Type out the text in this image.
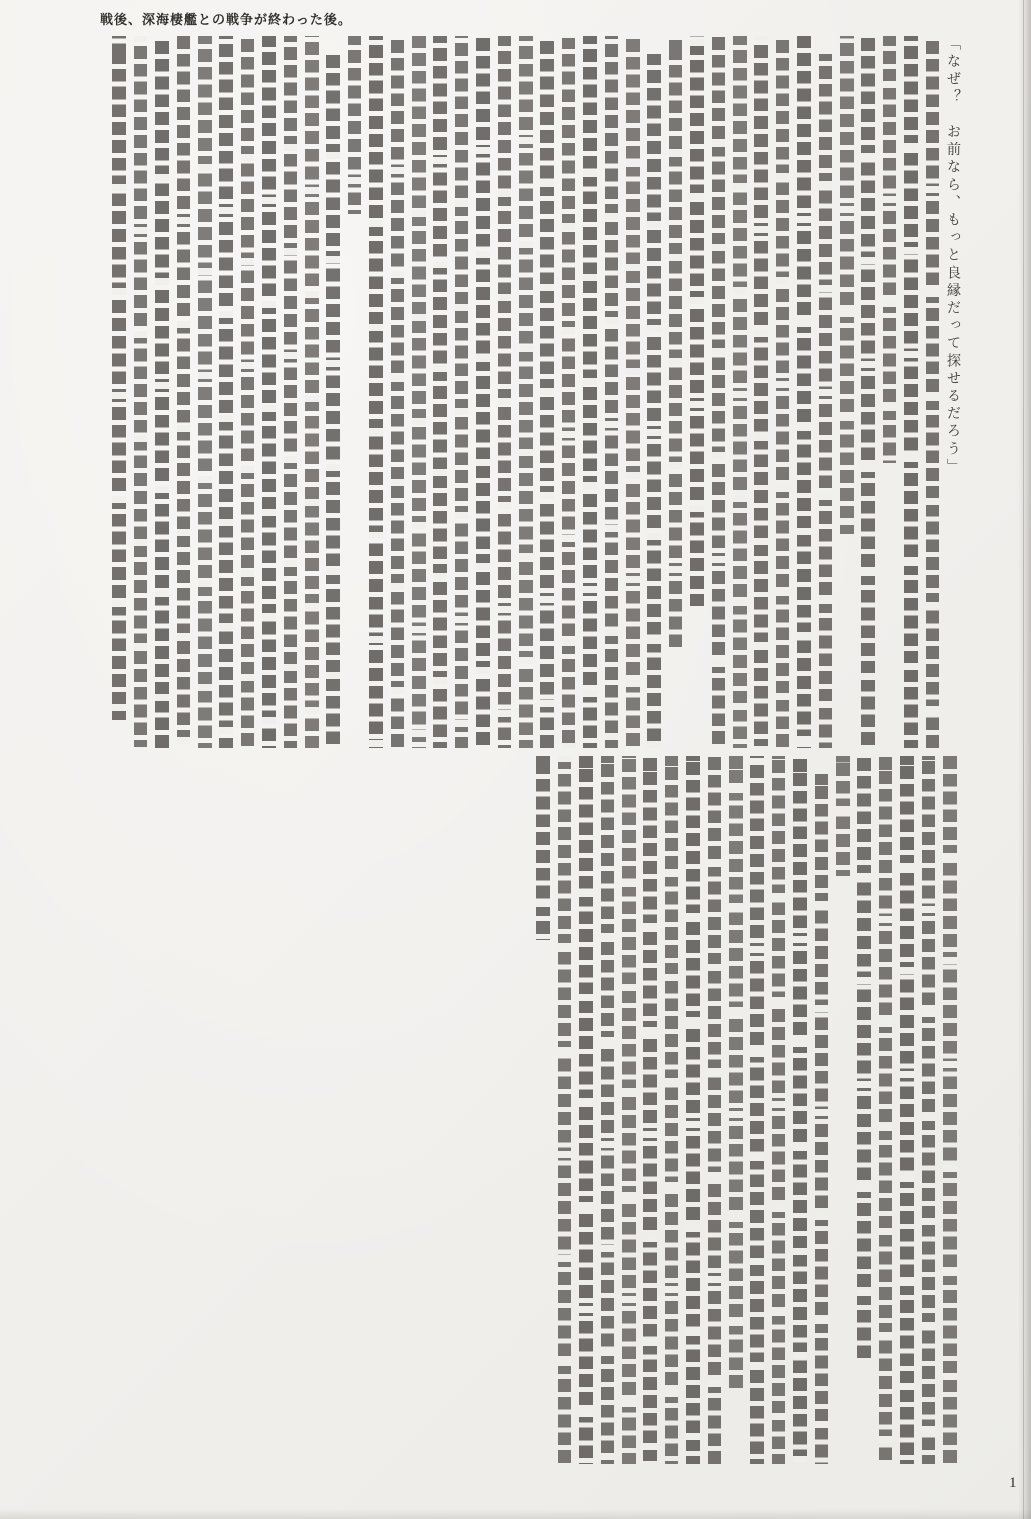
戦後、深海棲艦との戦争が終わった後。
「なぜ？　お前なら、もっと良縁だって探せるだろう」
1
